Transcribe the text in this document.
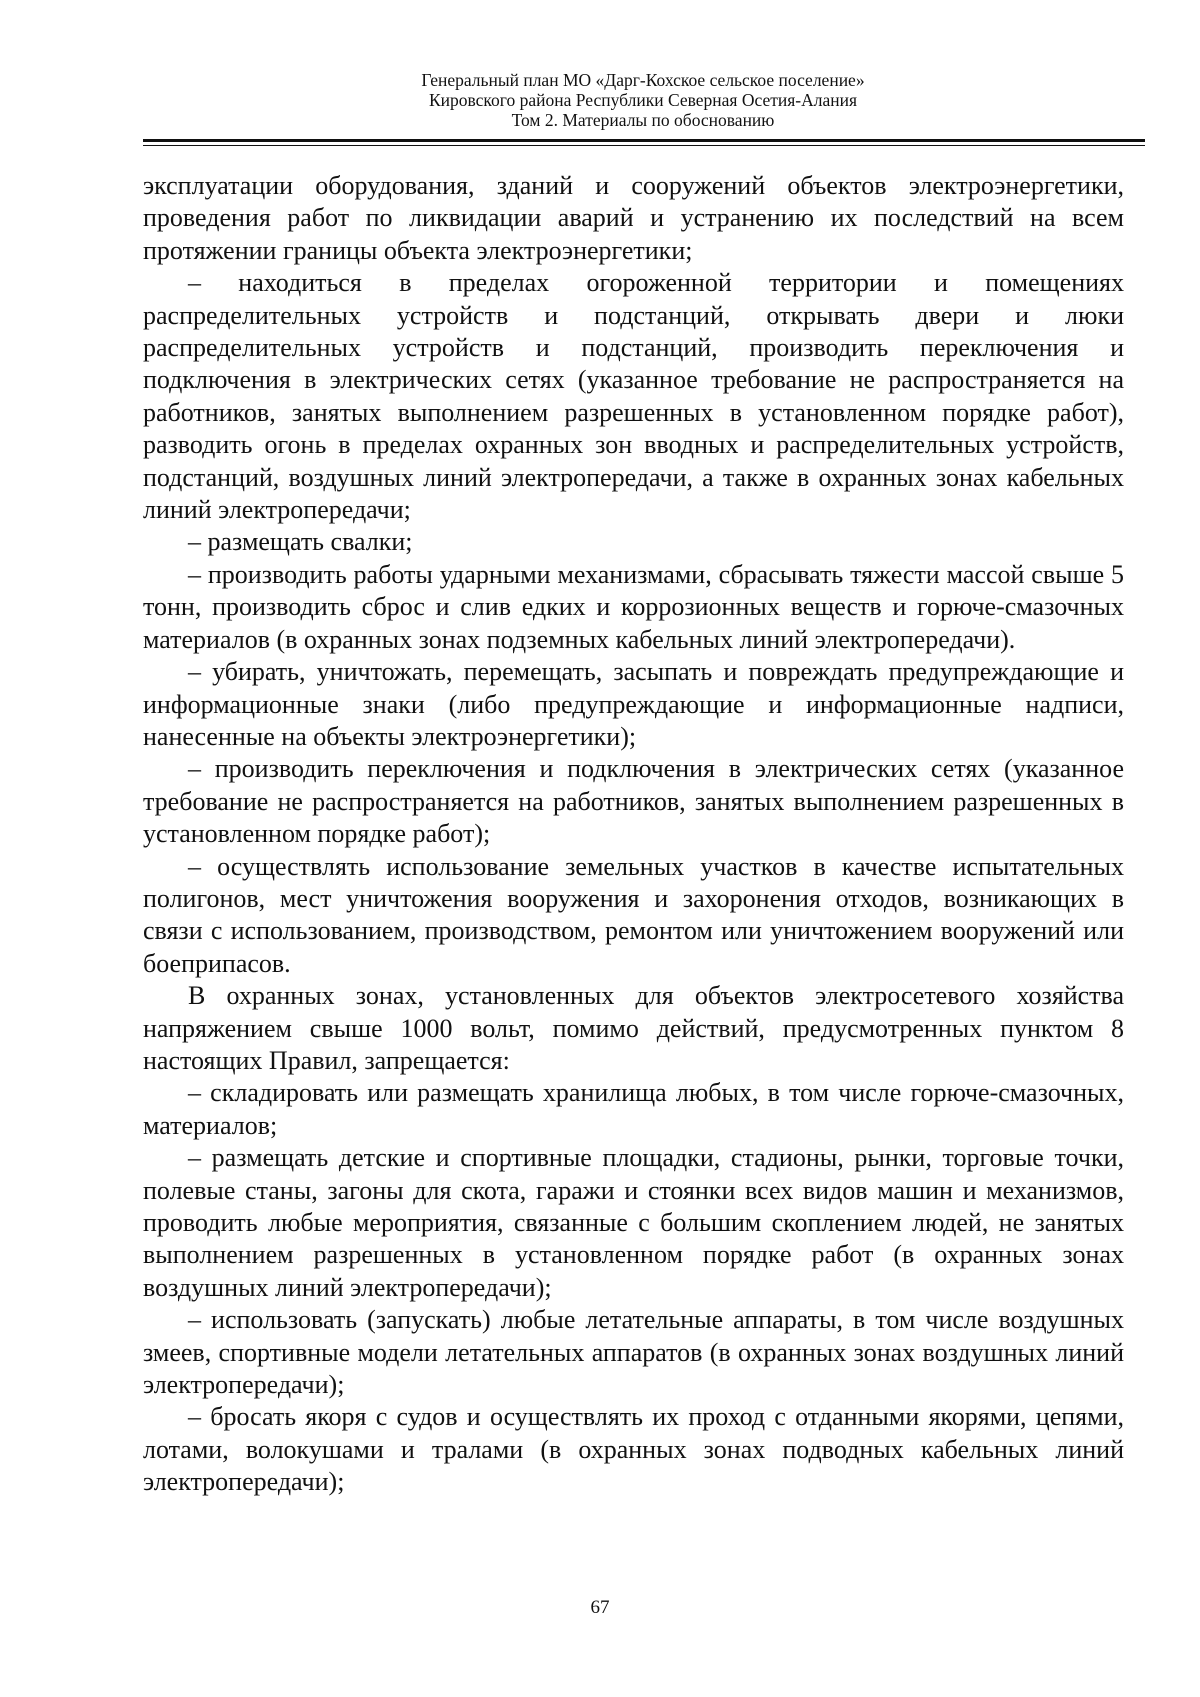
Генеральный план МО «Дарг-Кохское сельское поселение»
Кировского района Республики Северная Осетия-Алания
Том 2. Материалы по обоснованию

эксплуатации оборудования, зданий и сооружений объектов электроэнергетики, проведения работ по ликвидации аварий и устранению их последствий на всем протяжении границы объекта электроэнергетики;

– находиться в пределах огороженной территории и помещениях распределительных устройств и подстанций, открывать двери и люки распределительных устройств и подстанций, производить переключения и подключения в электрических сетях (указанное требование не распространяется на работников, занятых выполнением разрешенных в установленном порядке работ), разводить огонь в пределах охранных зон вводных и распределительных устройств, подстанций, воздушных линий электропередачи, а также в охранных зонах кабельных линий электропередачи;

– размещать свалки;

– производить работы ударными механизмами, сбрасывать тяжести массой свыше 5 тонн, производить сброс и слив едких и коррозионных веществ и горюче-смазочных материалов (в охранных зонах подземных кабельных линий электропередачи).

– убирать, уничтожать, перемещать, засыпать и повреждать предупреждающие и информационные знаки (либо предупреждающие и информационные надписи, нанесенные на объекты электроэнергетики);

– производить переключения и подключения в электрических сетях (указанное требование не распространяется на работников, занятых выполнением разрешенных в установленном порядке работ);

– осуществлять использование земельных участков в качестве испытательных полигонов, мест уничтожения вооружения и захоронения отходов, возникающих в связи с использованием, производством, ремонтом или уничтожением вооружений или боеприпасов.

В охранных зонах, установленных для объектов электросетевого хозяйства напряжением свыше 1000 вольт, помимо действий, предусмотренных пунктом 8 настоящих Правил, запрещается:

– складировать или размещать хранилища любых, в том числе горюче-смазочных, материалов;

– размещать детские и спортивные площадки, стадионы, рынки, торговые точки, полевые станы, загоны для скота, гаражи и стоянки всех видов машин и механизмов, проводить любые мероприятия, связанные с большим скоплением людей, не занятых выполнением разрешенных в установленном порядке работ (в охранных зонах воздушных линий электропередачи);

– использовать (запускать) любые летательные аппараты, в том числе воздушных змеев, спортивные модели летательных аппаратов (в охранных зонах воздушных линий электропередачи);

– бросать якоря с судов и осуществлять их проход с отданными якорями, цепями, лотами, волокушами и тралами (в охранных зонах подводных кабельных линий электропередачи);

67
